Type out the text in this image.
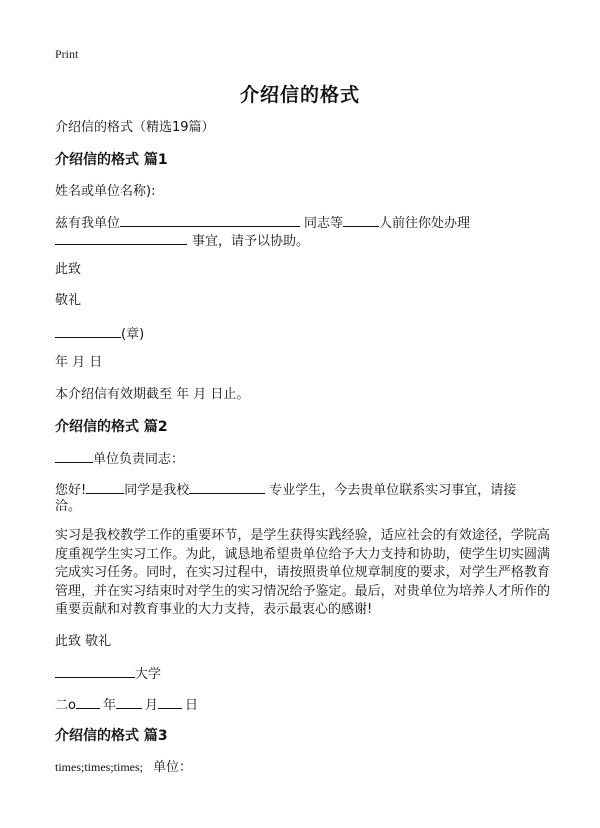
Print
介绍信的格式
介绍信的格式（精选19篇）
介绍信的格式 篇1
姓名或单位名称):
兹有我单位	同志等	人前往你处办理
事宜，请予以协助。
此致
敬礼
(章)
年 月 日
本介绍信有效期截至 年 月 日止。
介绍信的格式 篇2
单位负责同志：
您好!	同学是我校	专业学生，今去贵单位联系实习事宜，请接
洽。
实习是我校教学工作的重要环节，是学生获得实践经验，适应社会的有效途径，学院高度重视学生实习工作。为此，诚恳地希望贵单位给予大力支持和协助，使学生切实圆满完成实习任务。同时，在实习过程中，请按照贵单位规章制度的要求，对学生严格教育管理，并在实习结束时对学生的实习情况给予鉴定。最后，对贵单位为培养人才所作的重要贡献和对教育事业的大力支持，表示最衷心的感谢!
此致 敬礼
大学
二o 年 月 日
介绍信的格式 篇3
times;times;times; 单位：
